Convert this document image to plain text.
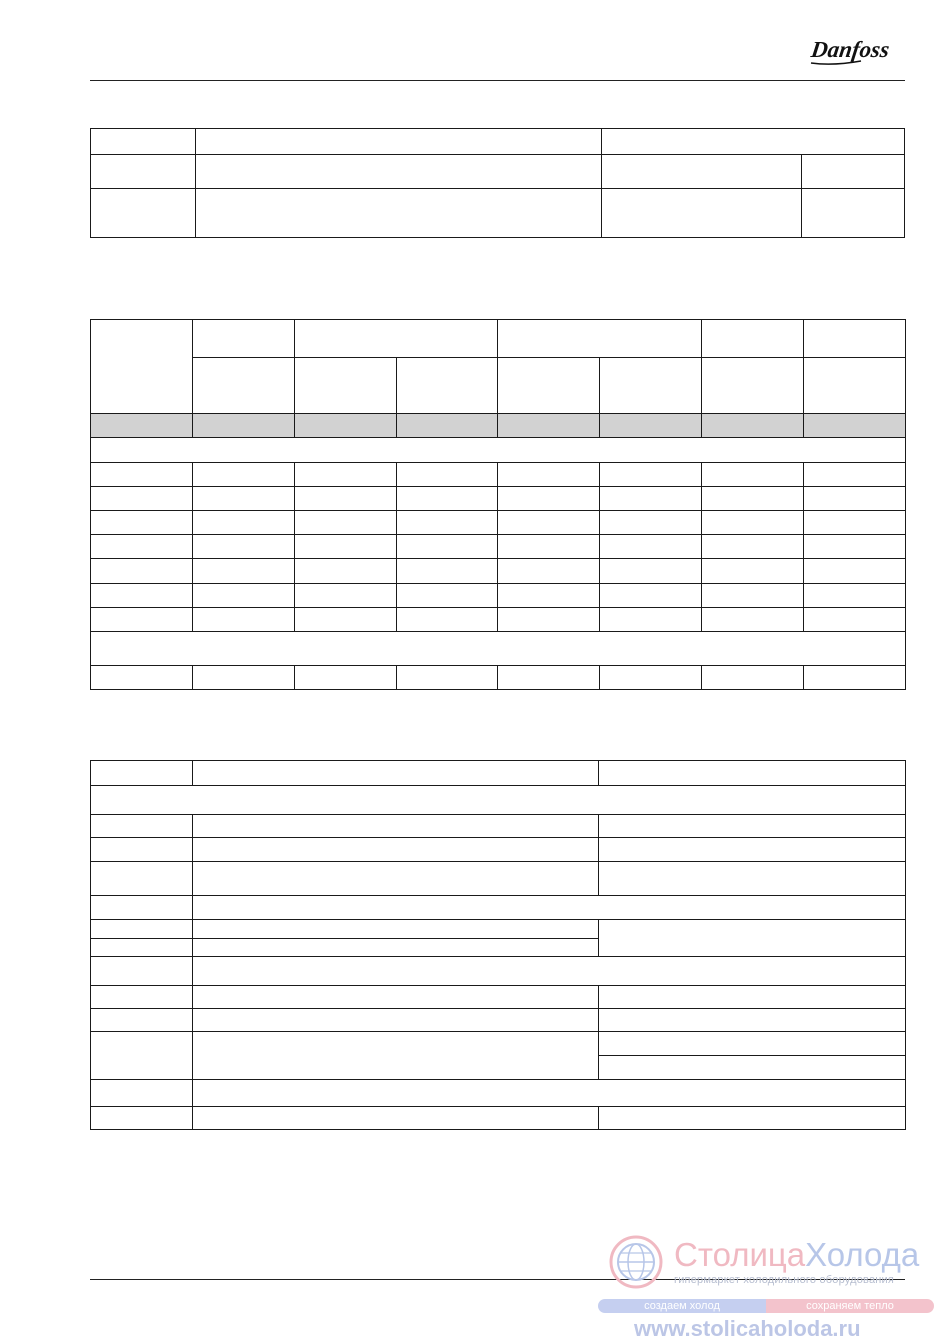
Danfoss

СтолицаХолода
гипермаркет холодильного оборудования
создаем холод	сохраняем тепло
www.stolicaholoda.ru
